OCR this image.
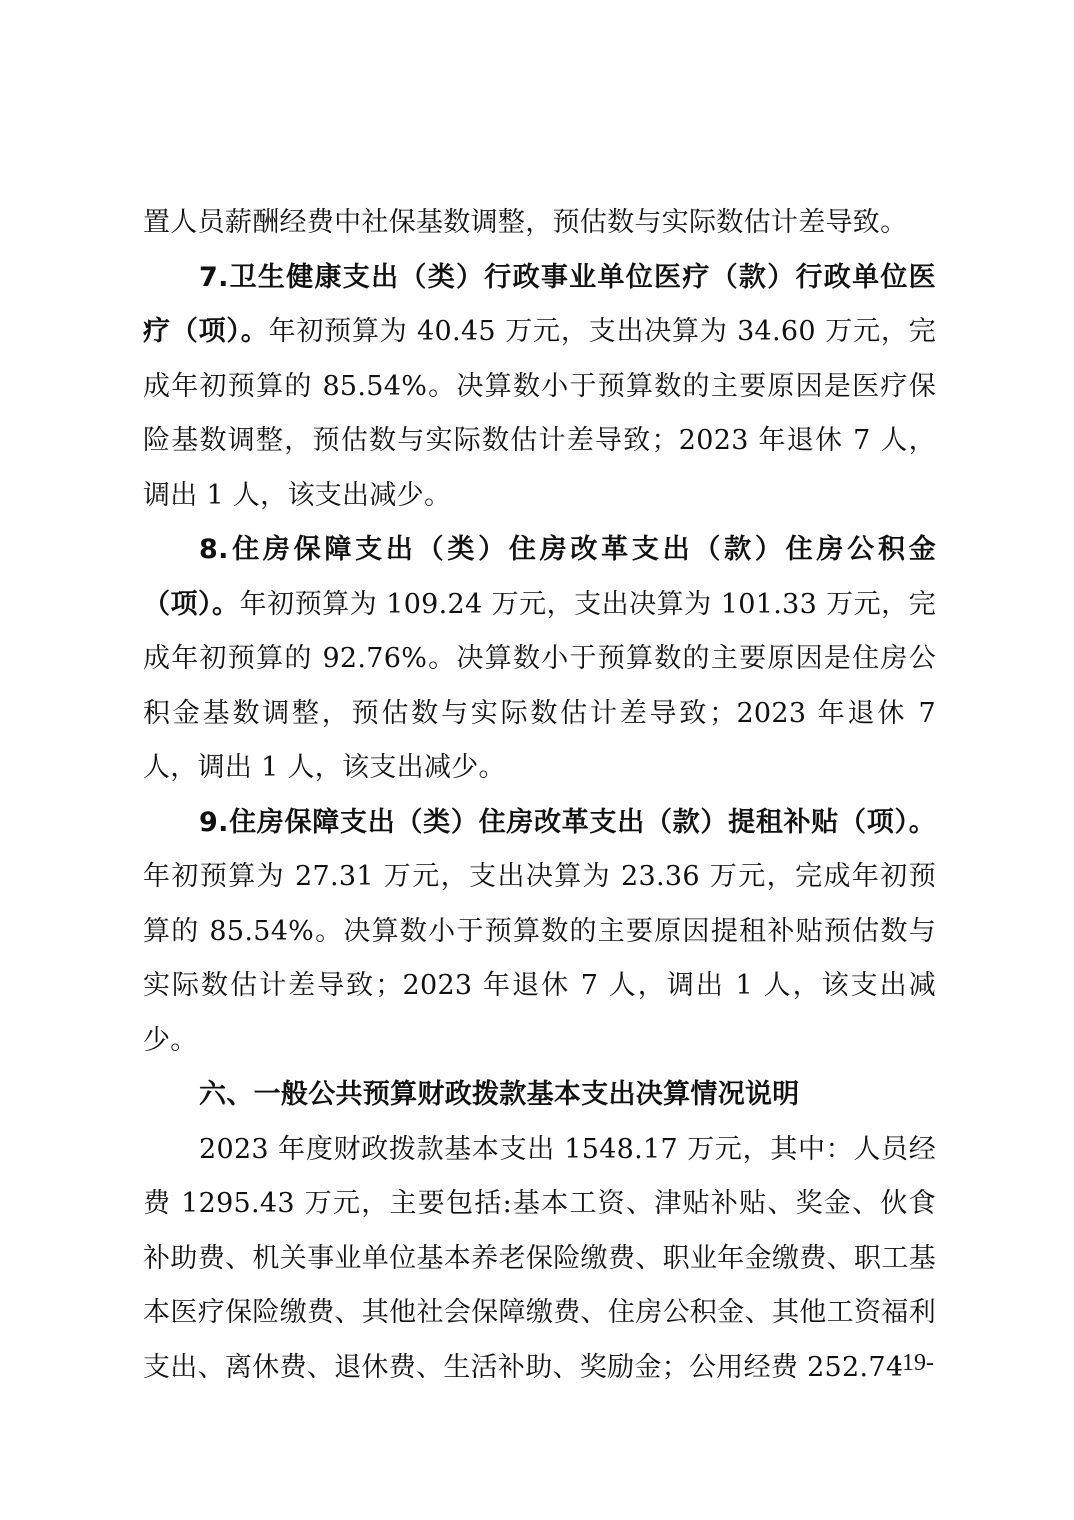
置人员薪酬经费中社保基数调整，预估数与实际数估计差导致。

7.卫生健康支出（类）行政事业单位医疗（款）行政单位医疗（项）。年初预算为 40.45 万元，支出决算为 34.60 万元，完成年初预算的 85.54%。决算数小于预算数的主要原因是医疗保险基数调整，预估数与实际数估计差导致；2023 年退休 7 人，调出 1 人，该支出减少。

8.住房保障支出（类）住房改革支出（款）住房公积金（项）。年初预算为 109.24 万元，支出决算为 101.33 万元，完成年初预算的 92.76%。决算数小于预算数的主要原因是住房公积金基数调整，预估数与实际数估计差导致；2023 年退休 7 人，调出 1 人，该支出减少。

9.住房保障支出（类）住房改革支出（款）提租补贴（项）。年初预算为 27.31 万元，支出决算为 23.36 万元，完成年初预算的 85.54%。决算数小于预算数的主要原因提租补贴预估数与实际数估计差导致；2023 年退休 7 人，调出 1 人，该支出减少。

六、一般公共预算财政拨款基本支出决算情况说明

2023 年度财政拨款基本支出 1548.17 万元，其中：人员经费 1295.43 万元，主要包括:基本工资、津贴补贴、奖金、伙食补助费、机关事业单位基本养老保险缴费、职业年金缴费、职工基本医疗保险缴费、其他社会保障缴费、住房公积金、其他工资福利支出、离休费、退休费、生活补助、奖励金；公用经费 252.74

-19-
